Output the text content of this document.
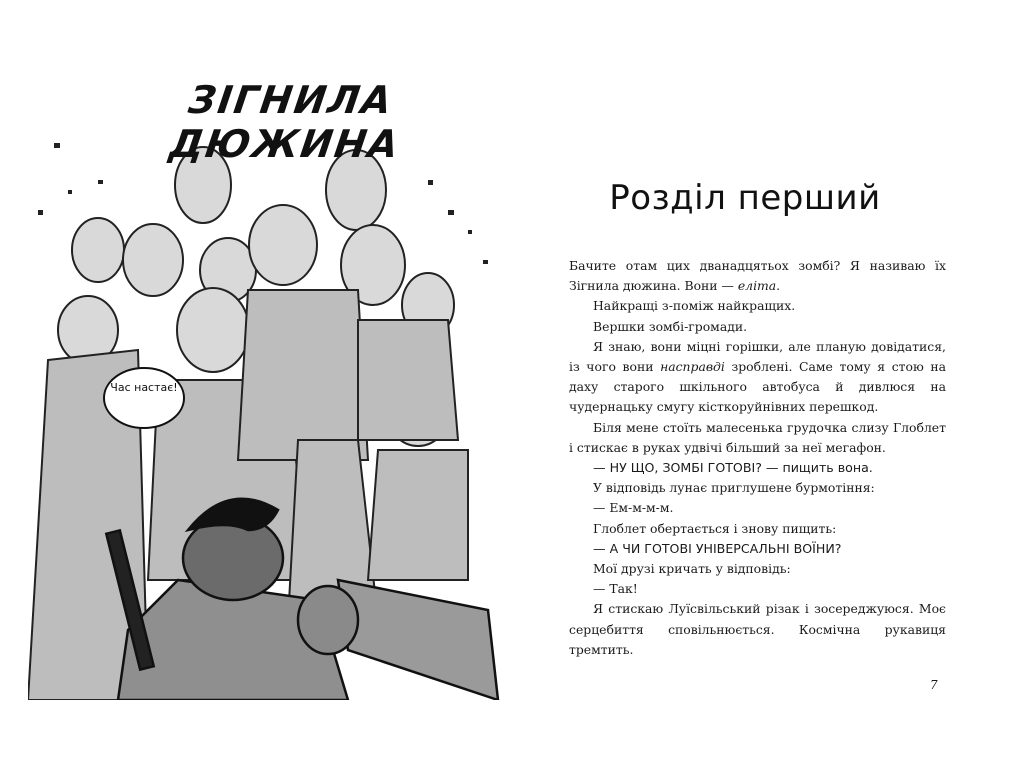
ЗІГНИЛА ДЮЖИНА
Час настає!
Розділ перший

Бачите отам цих дванадцятьох зомбі? Я називаю їх Зігнила дюжина. Вони — еліта.

Найкращі з-поміж найкращих.

Вершки зомбі-громади.

Я знаю, вони міцні горішки, але планую довідатися, із чого вони насправді зроблені. Саме тому я стою на даху старого шкільного автобуса й дивлюся на чудернацьку смугу кісткоруйнівних перешкод.

Біля мене стоїть малесенька грудочка слизу Глоблет і стискає в руках удвічі більший за неї мегафон.

— НУ ЩО, ЗОМБІ ГОТОВІ? — пищить вона.

У відповідь лунає приглушене бурмотіння:

— Ем-м-м-м.

Глоблет обертається і знову пищить:

— А ЧИ ГОТОВІ УНІВЕРСАЛЬНІ ВОЇНИ?

Мої друзі кричать у відповідь:

— Так!

Я стискаю Луїсвільський різак і зосереджуюся. Моє серцебиття сповільнюється. Космічна рукавиця тремтить.

7
